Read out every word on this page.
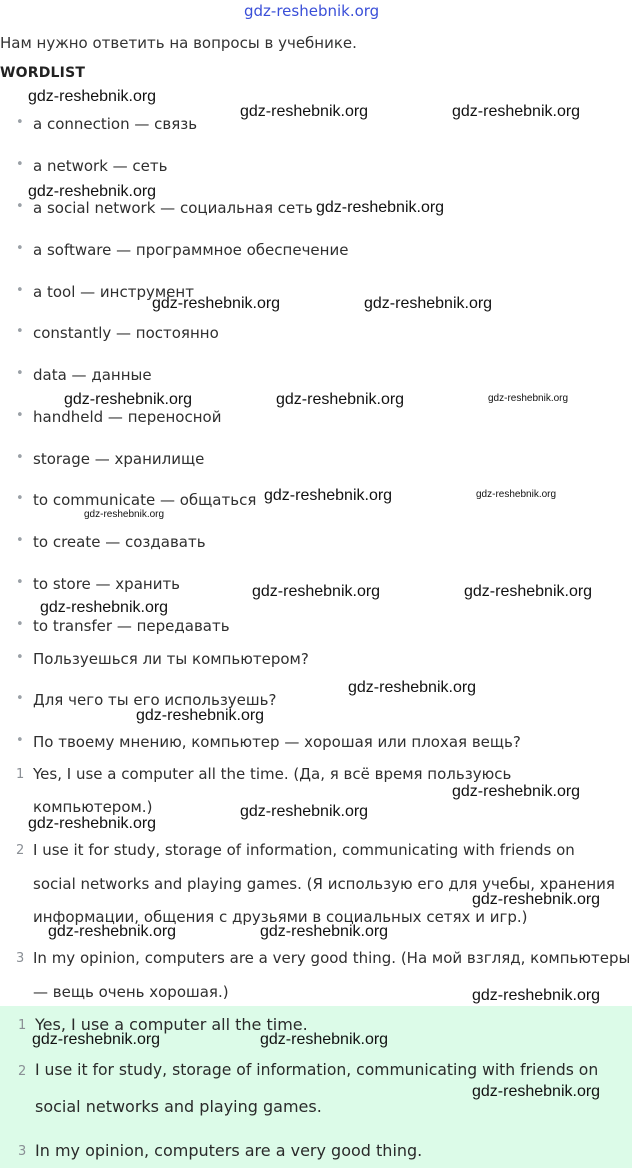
gdz-reshebnik.org
Нам нужно ответить на вопросы в учебнике.
WORDLIST
• a connection — связь
• a network — сеть
• a social network — социальная сеть
• a software — программное обеспечение
• a tool — инструмент
• constantly — постоянно
• data — данные
• handheld — переносной
• storage — хранилище
• to communicate — общаться
• to create — создавать
• to store — хранить
• to transfer — передавать
• Пользуешься ли ты компьютером?
• Для чего ты его используешь?
• По твоему мнению, компьютер — хорошая или плохая вещь?
1 Yes, I use a computer all the time. (Да, я всё время пользуюсь
компьютером.)
2 I use it for study, storage of information, communicating with friends on
social networks and playing games. (Я использую его для учебы, хранения
информации, общения с друзьями в социальных сетях и игр.)
3 In my opinion, computers are a very good thing. (На мой взгляд, компьютеры
— вещь очень хорошая.)
1 Yes, I use a computer all the time.
2 I use it for study, storage of information, communicating with friends on
social networks and playing games.
3 In my opinion, computers are a very good thing.
gdz-reshebnik.org
gdz-reshebnik.org	gdz-reshebnik.org
gdz-reshebnik.org
gdz-reshebnik.org
gdz-reshebnik.org	gdz-reshebnik.org
gdz-reshebnik.org	gdz-reshebnik.org	gdz-reshebnik.org
gdz-reshebnik.org	gdz-reshebnik.org
gdz-reshebnik.org
gdz-reshebnik.org	gdz-reshebnik.org
gdz-reshebnik.org
gdz-reshebnik.org
gdz-reshebnik.org
gdz-reshebnik.org
gdz-reshebnik.org
gdz-reshebnik.org
gdz-reshebnik.org
gdz-reshebnik.org	gdz-reshebnik.org
gdz-reshebnik.org
gdz-reshebnik.org	gdz-reshebnik.org
gdz-reshebnik.org
